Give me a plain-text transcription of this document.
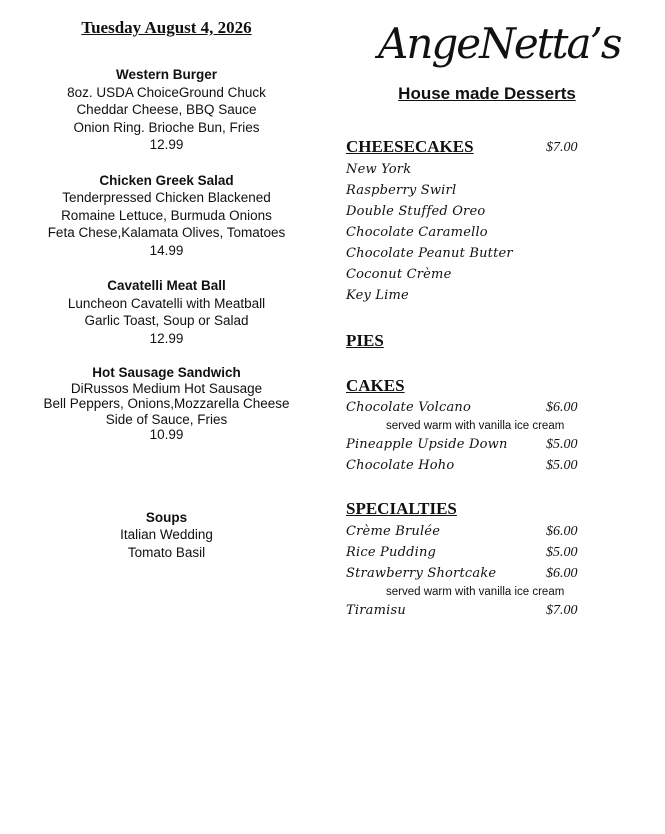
Tuesday August 4, 2026
Western Burger
8oz. USDA ChoiceGround Chuck
Cheddar Cheese, BBQ Sauce
Onion Ring. Brioche Bun, Fries
12.99
Chicken Greek Salad
Tenderpressed Chicken Blackened
Romaine Lettuce, Burmuda Onions
Feta Chese,Kalamata Olives, Tomatoes
14.99
Cavatelli Meat Ball
Luncheon Cavatelli with Meatball
Garlic Toast, Soup or Salad
12.99
Hot Sausage Sandwich
DiRussos Medium Hot Sausage
Bell Peppers, Onions,Mozzarella Cheese
Side of Sauce, Fries
10.99
Soups
Italian Wedding
Tomato Basil
AngeNetta’s
House made Desserts
CHEESECAKES	$7.00
New York
Raspberry Swirl
Double Stuffed Oreo
Chocolate Caramello
Chocolate Peanut Butter
Coconut Crème
Key Lime
PIES
CAKES
Chocolate Volcano	$6.00
served warm with vanilla ice cream
Pineapple Upside Down	$5.00
Chocolate Hoho	$5.00
SPECIALTIES
Crème Brulée	$6.00
Rice Pudding	$5.00
Strawberry Shortcake	$6.00
served warm with vanilla ice cream
Tiramisu	$7.00
